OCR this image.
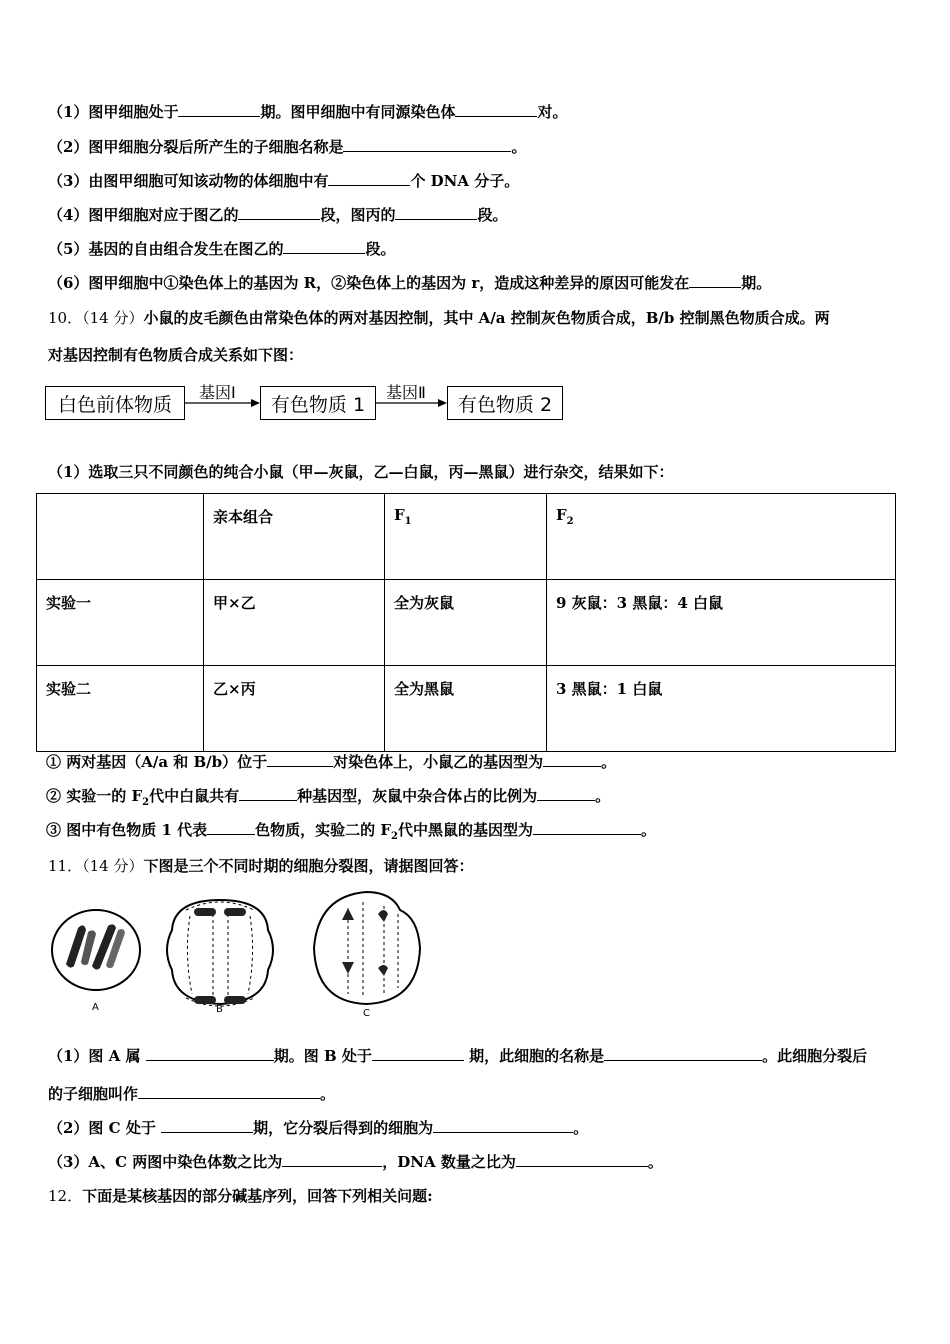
（1）图甲细胞处于	期。图甲细胞中有同源染色体	对。
（2）图甲细胞分裂后所产生的子细胞名称是	。
（3）由图甲细胞可知该动物的体细胞中有	个 DNA 分子。
（4）图甲细胞对应于图乙的	段，图丙的	段。
（5）基因的自由组合发生在图乙的	段。
（6）图甲细胞中①染色体上的基因为 R，②染色体上的基因为 r，造成这种差异的原因可能发在	期。
10．（14 分）小鼠的皮毛颜色由常染色体的两对基因控制，其中 A/a 控制灰色物质合成，B/b 控制黑色物质合成。两
对基因控制有色物质合成关系如下图：
白色前体物质
基因Ⅰ
有色物质 1
基因Ⅱ
有色物质 2
（1）选取三只不同颜色的纯合小鼠（甲—灰鼠，乙—白鼠，丙—黑鼠）进行杂交，结果如下：
	亲本组合	$F_1$	$F_2$
实验一	甲×乙	全为灰鼠	9 灰鼠：3 黑鼠：4 白鼠
实验二	乙×丙	全为黑鼠	3 黑鼠：1 白鼠
① 两对基因（A/a 和 B/b）位于	对染色体上，小鼠乙的基因型为	。
② 实验一的 $F_2$代中白鼠共有	种基因型，灰鼠中杂合体占的比例为	。
③ 图中有色物质 1 代表	色物质，实验二的 $F_2$代中黑鼠的基因型为	。
11．（14 分）下图是三个不同时期的细胞分裂图，请据图回答：
A	B	C
（1）图 A 属	期。图 B 处于	期，此细胞的名称是	。此细胞分裂后
的子细胞叫作	。
（2）图 C 处于	期，它分裂后得到的细胞为	。
（3）A、C 两图中染色体数之比为	，DNA 数量之比为	。
12．下面是某核基因的部分碱基序列，回答下列相关问题:
